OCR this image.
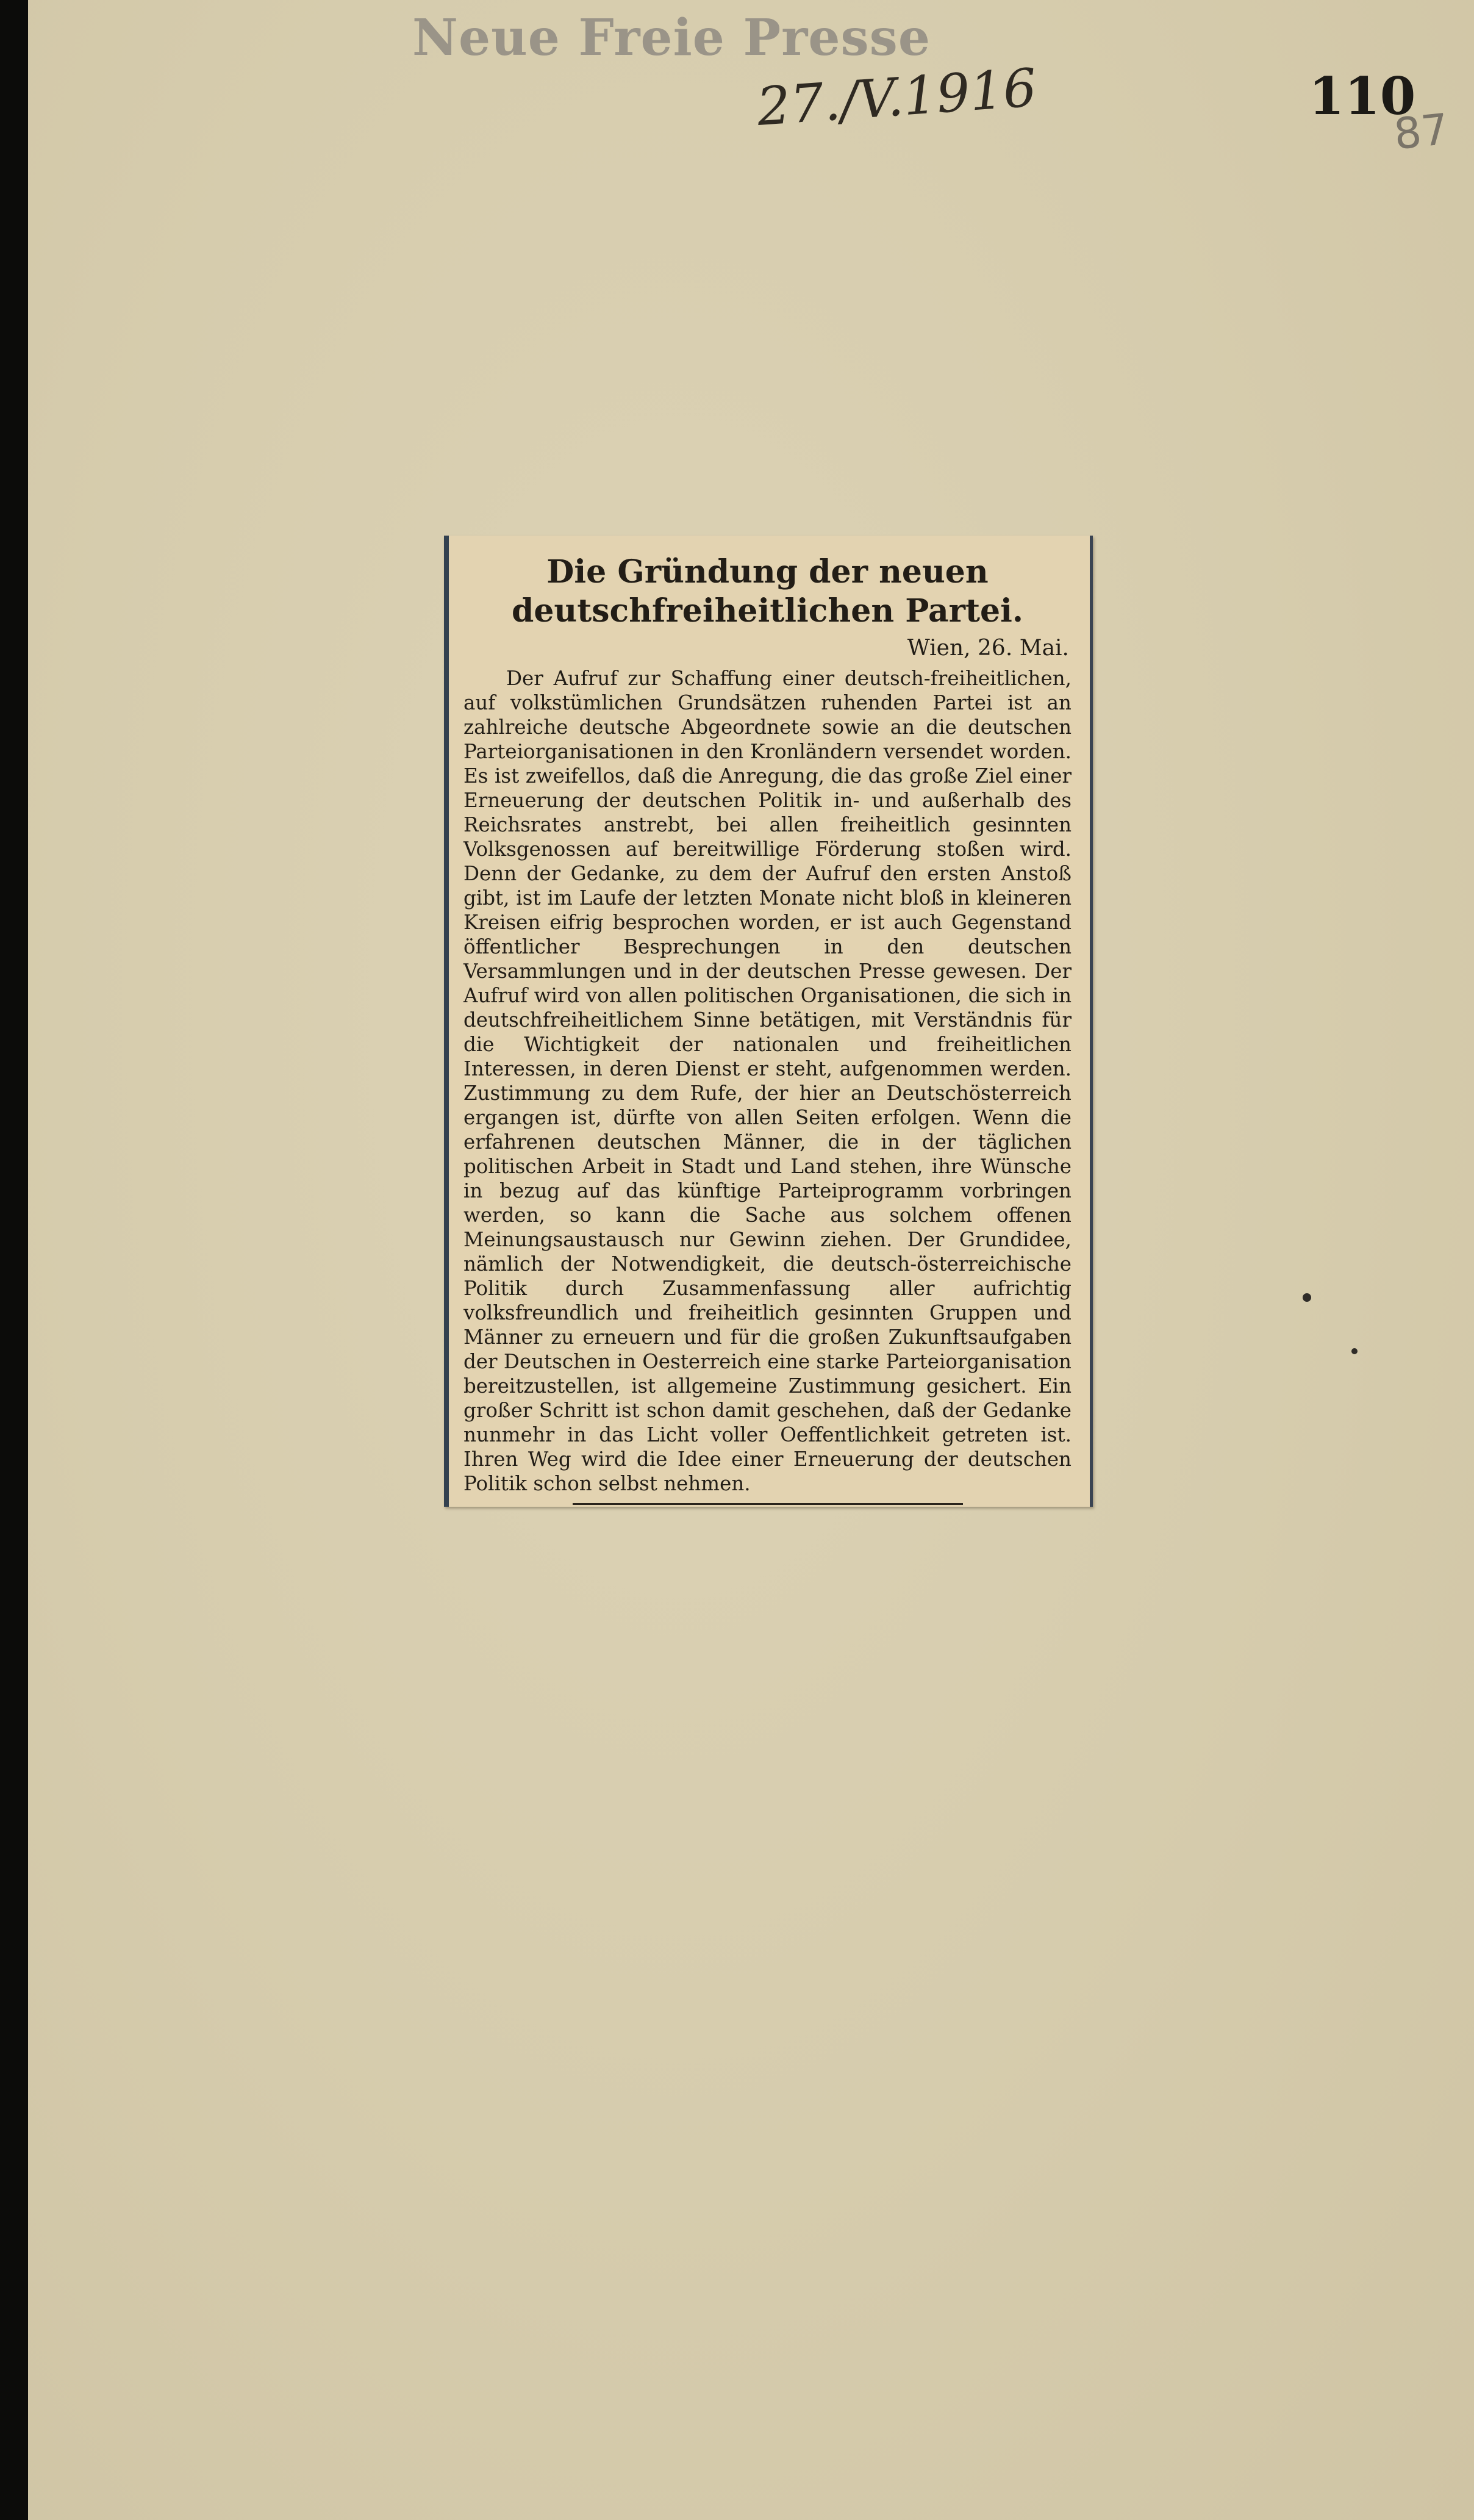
Neue Freie Presse
27./V.1916	110
87
Die Gründung der neuen deutschfreiheitlichen Partei.
Wien, 26. Mai.

Der Aufruf zur Schaffung einer deutsch-freiheitlichen, auf volkstümlichen Grundsätzen ruhenden Partei ist an zahlreiche deutsche Abgeordnete sowie an die deutschen Parteiorganisationen in den Kronländern versendet worden. Es ist zweifellos, daß die Anregung, die das große Ziel einer Erneuerung der deutschen Politik in- und außerhalb des Reichsrates anstrebt, bei allen freiheitlich gesinnten Volksgenossen auf bereitwillige Förderung stoßen wird. Denn der Gedanke, zu dem der Aufruf den ersten Anstoß gibt, ist im Laufe der letzten Monate nicht bloß in kleineren Kreisen eifrig besprochen worden, er ist auch Gegenstand öffentlicher Besprechungen in den deutschen Versammlungen und in der deutschen Presse gewesen. Der Aufruf wird von allen politischen Organisationen, die sich in deutschfreiheitlichem Sinne betätigen, mit Verständnis für die Wichtigkeit der nationalen und freiheitlichen Interessen, in deren Dienst er steht, aufgenommen werden. Zustimmung zu dem Rufe, der hier an Deutschösterreich ergangen ist, dürfte von allen Seiten erfolgen. Wenn die erfahrenen deutschen Männer, die in der täglichen politischen Arbeit in Stadt und Land stehen, ihre Wünsche in bezug auf das künftige Parteiprogramm vorbringen werden, so kann die Sache aus solchem offenen Meinungsaustausch nur Gewinn ziehen. Der Grundidee, nämlich der Notwendigkeit, die deutsch-österreichische Politik durch Zusammenfassung aller aufrichtig volksfreundlich und freiheitlich gesinnten Gruppen und Männer zu erneuern und für die großen Zukunftsaufgaben der Deutschen in Oesterreich eine starke Parteiorganisation bereitzustellen, ist allgemeine Zustimmung gesichert. Ein großer Schritt ist schon damit geschehen, daß der Gedanke nunmehr in das Licht voller Oeffentlichkeit getreten ist. Ihren Weg wird die Idee einer Erneuerung der deutschen Politik schon selbst nehmen.
